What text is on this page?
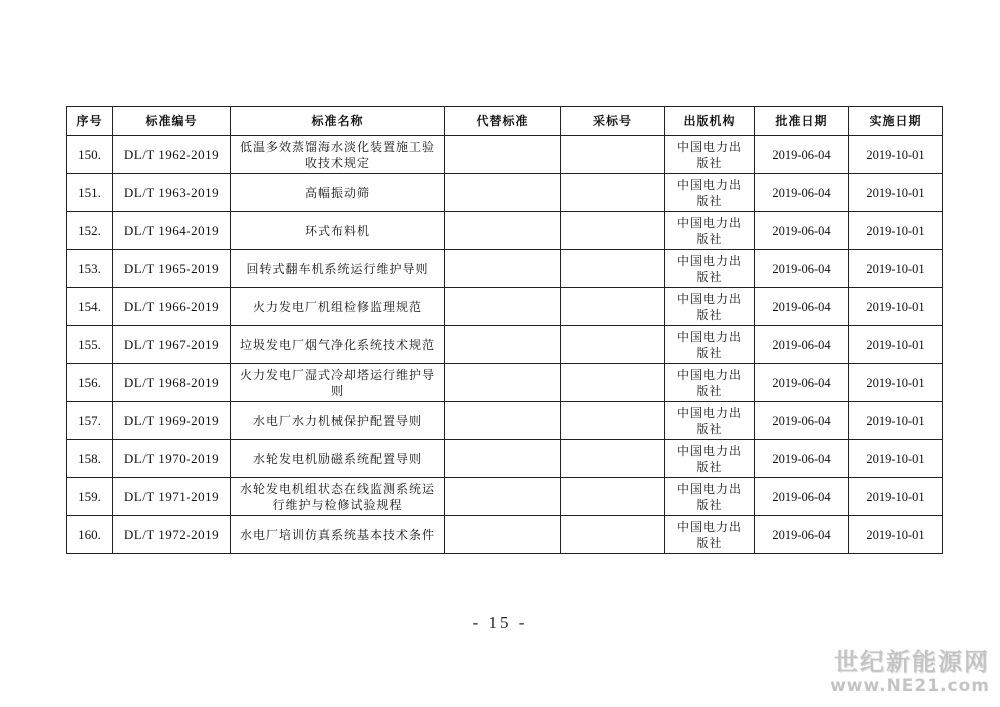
序号	标准编号	标准名称	代替标准	采标号	出版机构	批准日期	实施日期
150.	DL/T 1962-2019	低温多效蒸馏海水淡化装置施工验收技术规定			中国电力出版社	2019-06-04	2019-10-01
151.	DL/T 1963-2019	高幅振动筛			中国电力出版社	2019-06-04	2019-10-01
152.	DL/T 1964-2019	环式布料机			中国电力出版社	2019-06-04	2019-10-01
153.	DL/T 1965-2019	回转式翻车机系统运行维护导则			中国电力出版社	2019-06-04	2019-10-01
154.	DL/T 1966-2019	火力发电厂机组检修监理规范			中国电力出版社	2019-06-04	2019-10-01
155.	DL/T 1967-2019	垃圾发电厂烟气净化系统技术规范			中国电力出版社	2019-06-04	2019-10-01
156.	DL/T 1968-2019	火力发电厂湿式冷却塔运行维护导则			中国电力出版社	2019-06-04	2019-10-01
157.	DL/T 1969-2019	水电厂水力机械保护配置导则			中国电力出版社	2019-06-04	2019-10-01
158.	DL/T 1970-2019	水轮发电机励磁系统配置导则			中国电力出版社	2019-06-04	2019-10-01
159.	DL/T 1971-2019	水轮发电机组状态在线监测系统运行维护与检修试验规程			中国电力出版社	2019-06-04	2019-10-01
160.	DL/T 1972-2019	水电厂培训仿真系统基本技术条件			中国电力出版社	2019-06-04	2019-10-01
- 15 -
世纪新能源网
www.NE21.com
